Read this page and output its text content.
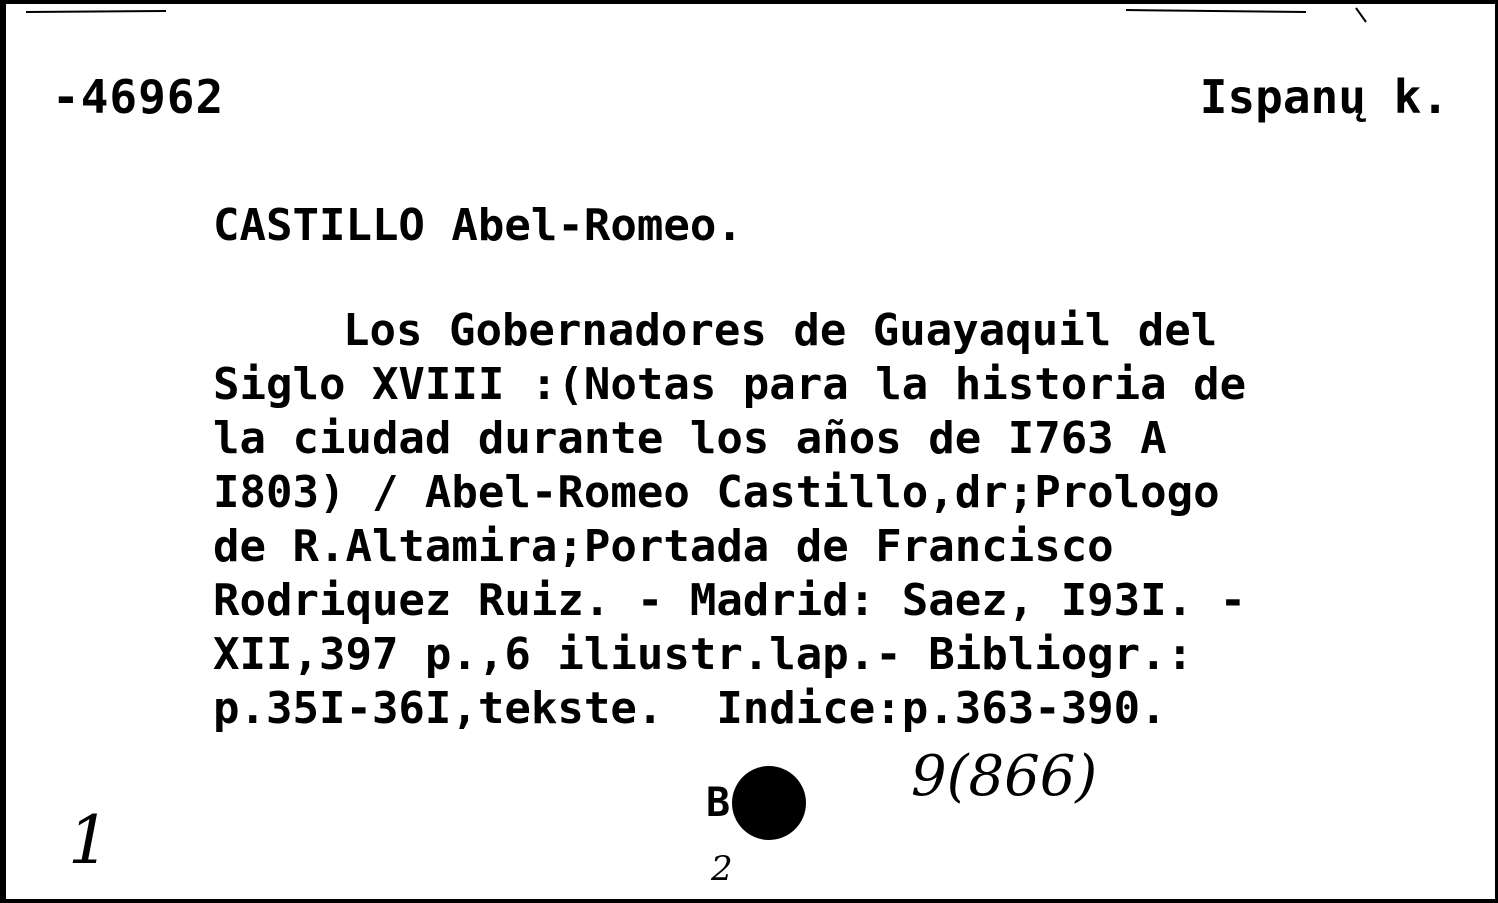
-46962	Ispanų k.
CASTILLO Abel-Romeo.
Los Gobernadores de Guayaquil del
Siglo XVIII :(Notas para la historia de
la ciudad durante los años de I763 A
I803) / Abel-Romeo Castillo,dr;Prologo
de R.Altamira;Portada de Francisco
Rodriquez Ruiz. - Madrid: Saez, I93I. -
XII,397 p.,6 iliustr.lap.- Bibliogr.:
p.35I-36I,tekste.  Indice:p.363-390.
B	9(866)
1	2
